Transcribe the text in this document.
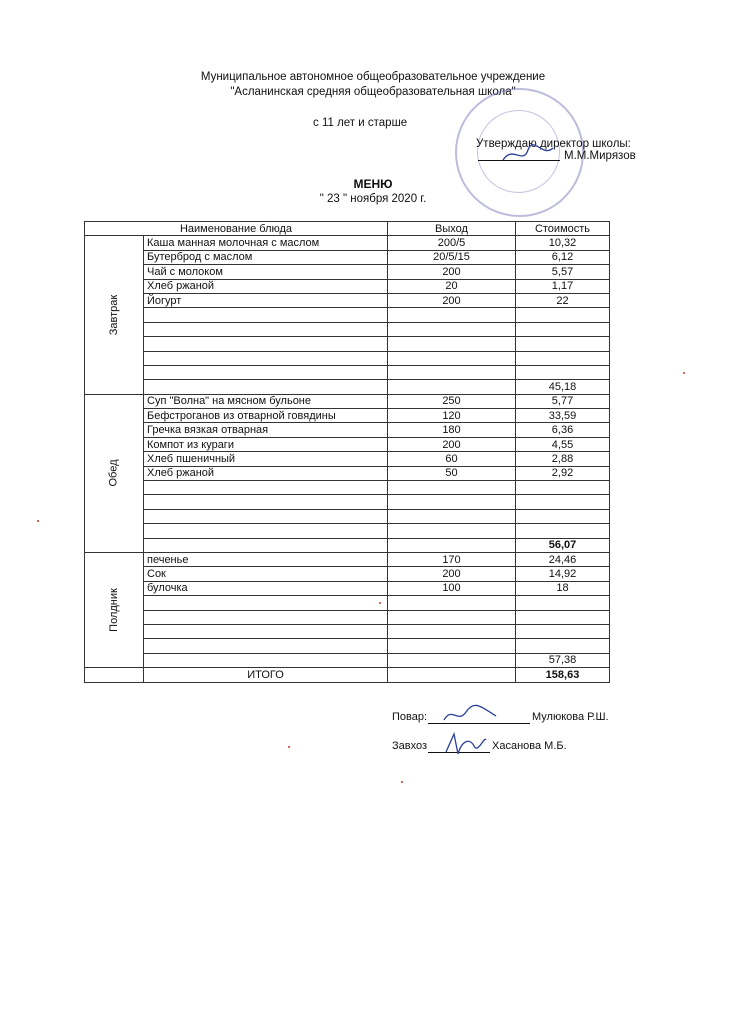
Муниципальное автономное общеобразовательное учреждение
"Асланинская средняя общеобразовательная школа"
с 11 лет и старше
Утверждаю директор школы:
М.М.Мирязов
МЕНЮ
" 23 " ноября 2020 г.
Наименование блюда		Выход	Стоимость
Завтрак	Каша манная молочная с маслом	200/5	10,32
	Бутерброд с маслом	20/5/15	6,12
	Чай с молоком	200	5,57
	Хлеб ржаной	20	1,17
	Йогурт	200	22

			45,18
Обед	Суп "Волна" на мясном бульоне	250	5,77
	Бефстроганов из отварной говядины	120	33,59
	Гречка вязкая отварная	180	6,36
	Компот из кураги	200	4,55
	Хлеб пшеничный	60	2,88
	Хлеб ржаной	50	2,92

			56,07
Полдник	печенье	170	24,46
	Сок	200	14,92
	булочка	100	18

			57,38
	ИТОГО		158,63
Повар:	Мулюкова Р.Ш.
Завхоз	Хасанова М.Б.
